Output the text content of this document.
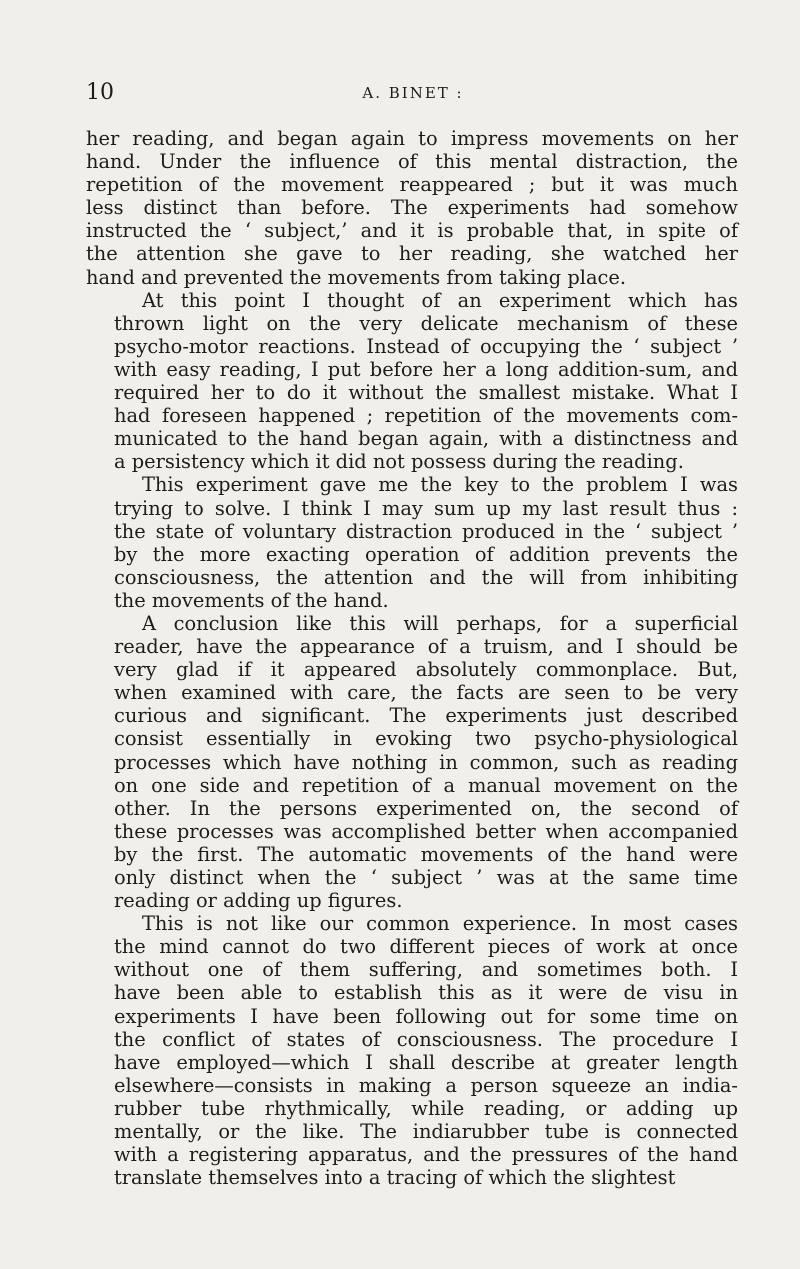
10	A. BINET :
her reading, and began again to impress movements on her
hand. Under the influence of this mental distraction, the
repetition of the movement reappeared ; but it was much
less distinct than before. The experiments had somehow
instructed the ‘ subject,’ and it is probable that, in spite of
the attention she gave to her reading, she watched her
hand and prevented the movements from taking place.
At this point I thought of an experiment which has
thrown light on the very delicate mechanism of these
psycho-motor reactions. Instead of occupying the ‘ subject ’
with easy reading, I put before her a long addition-sum, and
required her to do it without the smallest mistake. What I
had foreseen happened ; repetition of the movements com-
municated to the hand began again, with a distinctness and
a persistency which it did not possess during the reading.
This experiment gave me the key to the problem I was
trying to solve. I think I may sum up my last result thus :
the state of voluntary distraction produced in the ‘ subject ’
by the more exacting operation of addition prevents the
consciousness, the attention and the will from inhibiting
the movements of the hand.
A conclusion like this will perhaps, for a superficial
reader, have the appearance of a truism, and I should be
very glad if it appeared absolutely commonplace. But,
when examined with care, the facts are seen to be very
curious and significant. The experiments just described
consist essentially in evoking two psycho-physiological
processes which have nothing in common, such as reading
on one side and repetition of a manual movement on the
other. In the persons experimented on, the second of
these processes was accomplished better when accompanied
by the first. The automatic movements of the hand were
only distinct when the ‘ subject ’ was at the same time
reading or adding up figures.
This is not like our common experience. In most cases
the mind cannot do two different pieces of work at once
without one of them suffering, and sometimes both. I
have been able to establish this as it were de visu in
experiments I have been following out for some time on
the conflict of states of consciousness. The procedure I
have employed—which I shall describe at greater length
elsewhere—consists in making a person squeeze an india-
rubber tube rhythmically, while reading, or adding up
mentally, or the like. The indiarubber tube is connected
with a registering apparatus, and the pressures of the hand
translate themselves into a tracing of which the slightest
